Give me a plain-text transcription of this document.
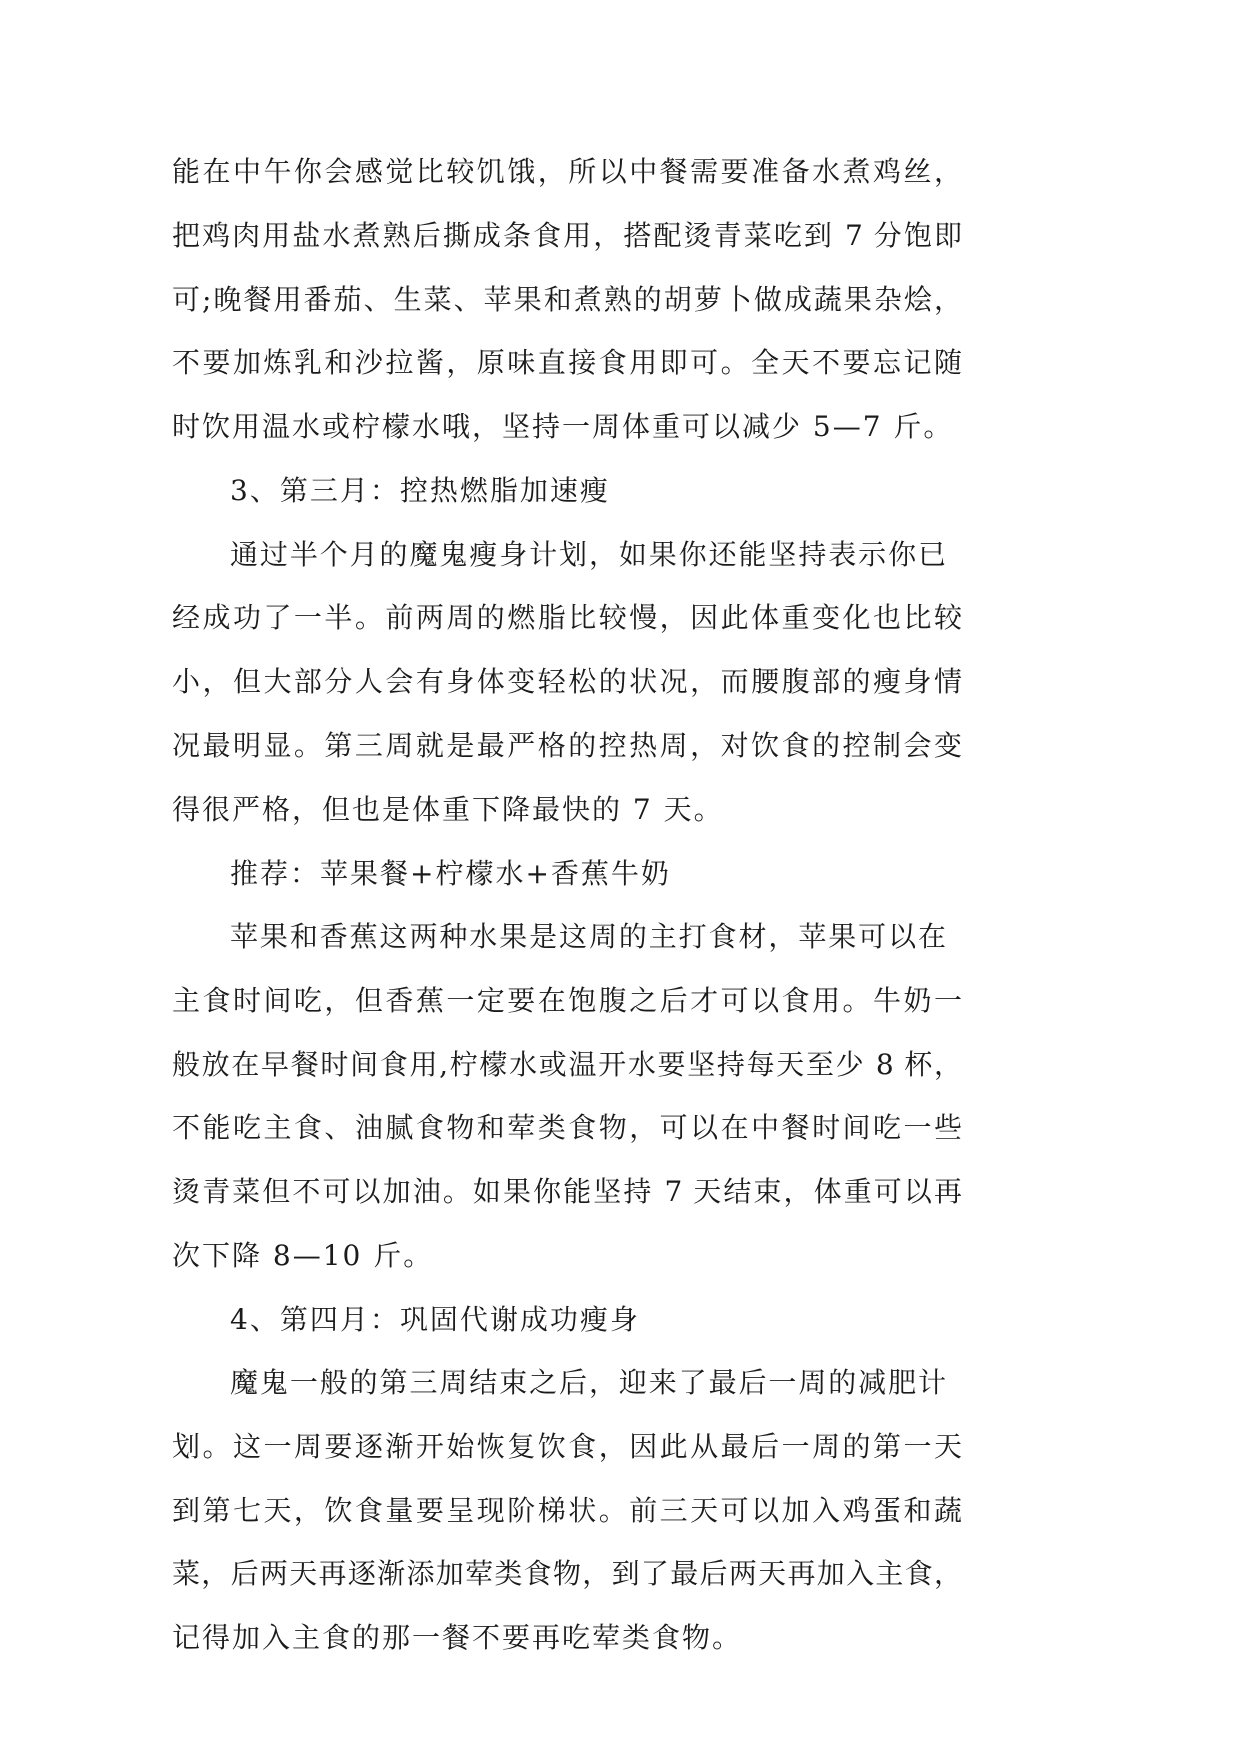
能在中午你会感觉比较饥饿，所以中餐需要准备水煮鸡丝，
把鸡肉用盐水煮熟后撕成条食用，搭配烫青菜吃到 7 分饱即
可;晚餐用番茄、生菜、苹果和煮熟的胡萝卜做成蔬果杂烩，
不要加炼乳和沙拉酱，原味直接食用即可。全天不要忘记随
时饮用温水或柠檬水哦，坚持一周体重可以减少 5—7 斤。
3、第三月：控热燃脂加速瘦
通过半个月的魔鬼瘦身计划，如果你还能坚持表示你已
经成功了一半。前两周的燃脂比较慢，因此体重变化也比较
小，但大部分人会有身体变轻松的状况，而腰腹部的瘦身情
况最明显。第三周就是最严格的控热周，对饮食的控制会变
得很严格，但也是体重下降最快的 7 天。
推荐：苹果餐+柠檬水+香蕉牛奶
苹果和香蕉这两种水果是这周的主打食材，苹果可以在
主食时间吃，但香蕉一定要在饱腹之后才可以食用。牛奶一
般放在早餐时间食用,柠檬水或温开水要坚持每天至少 8 杯，
不能吃主食、油腻食物和荤类食物，可以在中餐时间吃一些
烫青菜但不可以加油。如果你能坚持 7 天结束，体重可以再
次下降 8—10 斤。
4、第四月：巩固代谢成功瘦身
魔鬼一般的第三周结束之后，迎来了最后一周的减肥计
划。这一周要逐渐开始恢复饮食，因此从最后一周的第一天
到第七天，饮食量要呈现阶梯状。前三天可以加入鸡蛋和蔬
菜，后两天再逐渐添加荤类食物，到了最后两天再加入主食，
记得加入主食的那一餐不要再吃荤类食物。
